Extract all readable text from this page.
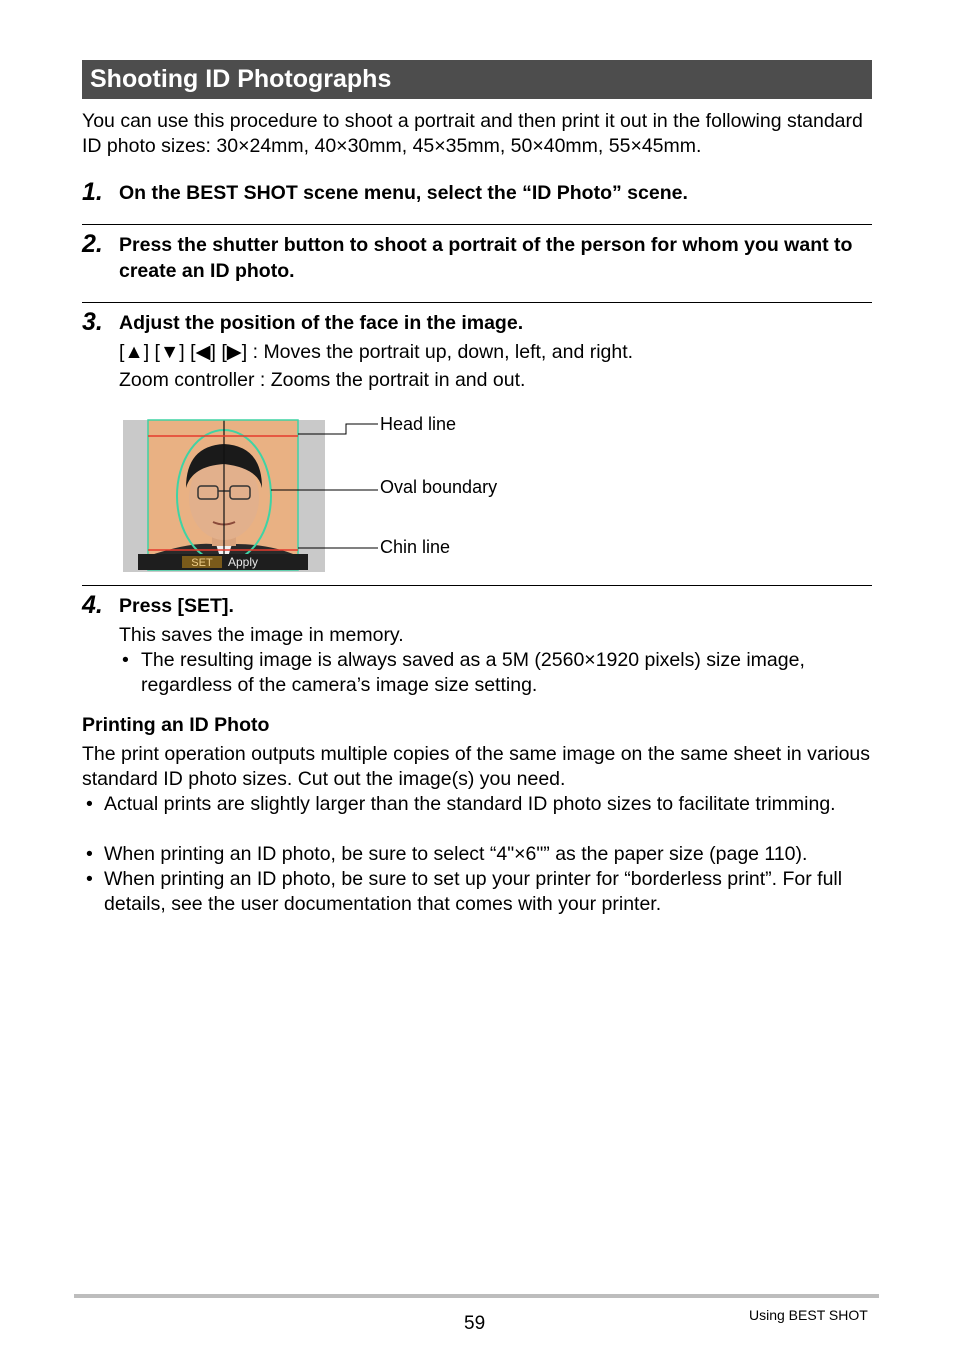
Shooting ID Photographs
You can use this procedure to shoot a portrait and then print it out in the following standard ID photo sizes: 30×24mm, 40×30mm, 45×35mm, 50×40mm, 55×45mm.
1. On the BEST SHOT scene menu, select the “ID Photo” scene.
2. Press the shutter button to shoot a portrait of the person for whom you want to create an ID photo.
3. Adjust the position of the face in the image.
[▲] [▼] [◀] [▶] : Moves the portrait up, down, left, and right.
Zoom controller : Zooms the portrait in and out.
SET Apply
Head line
Oval boundary
Chin line
4. Press [SET].
This saves the image in memory.
• The resulting image is always saved as a 5M (2560×1920 pixels) size image, regardless of the camera’s image size setting.
Printing an ID Photo
The print operation outputs multiple copies of the same image on the same sheet in various standard ID photo sizes. Cut out the image(s) you need.
• Actual prints are slightly larger than the standard ID photo sizes to facilitate trimming.
• When printing an ID photo, be sure to select “4"×6"” as the paper size (page 110).
• When printing an ID photo, be sure to set up your printer for “borderless print”. For full details, see the user documentation that comes with your printer.
59	Using BEST SHOT
